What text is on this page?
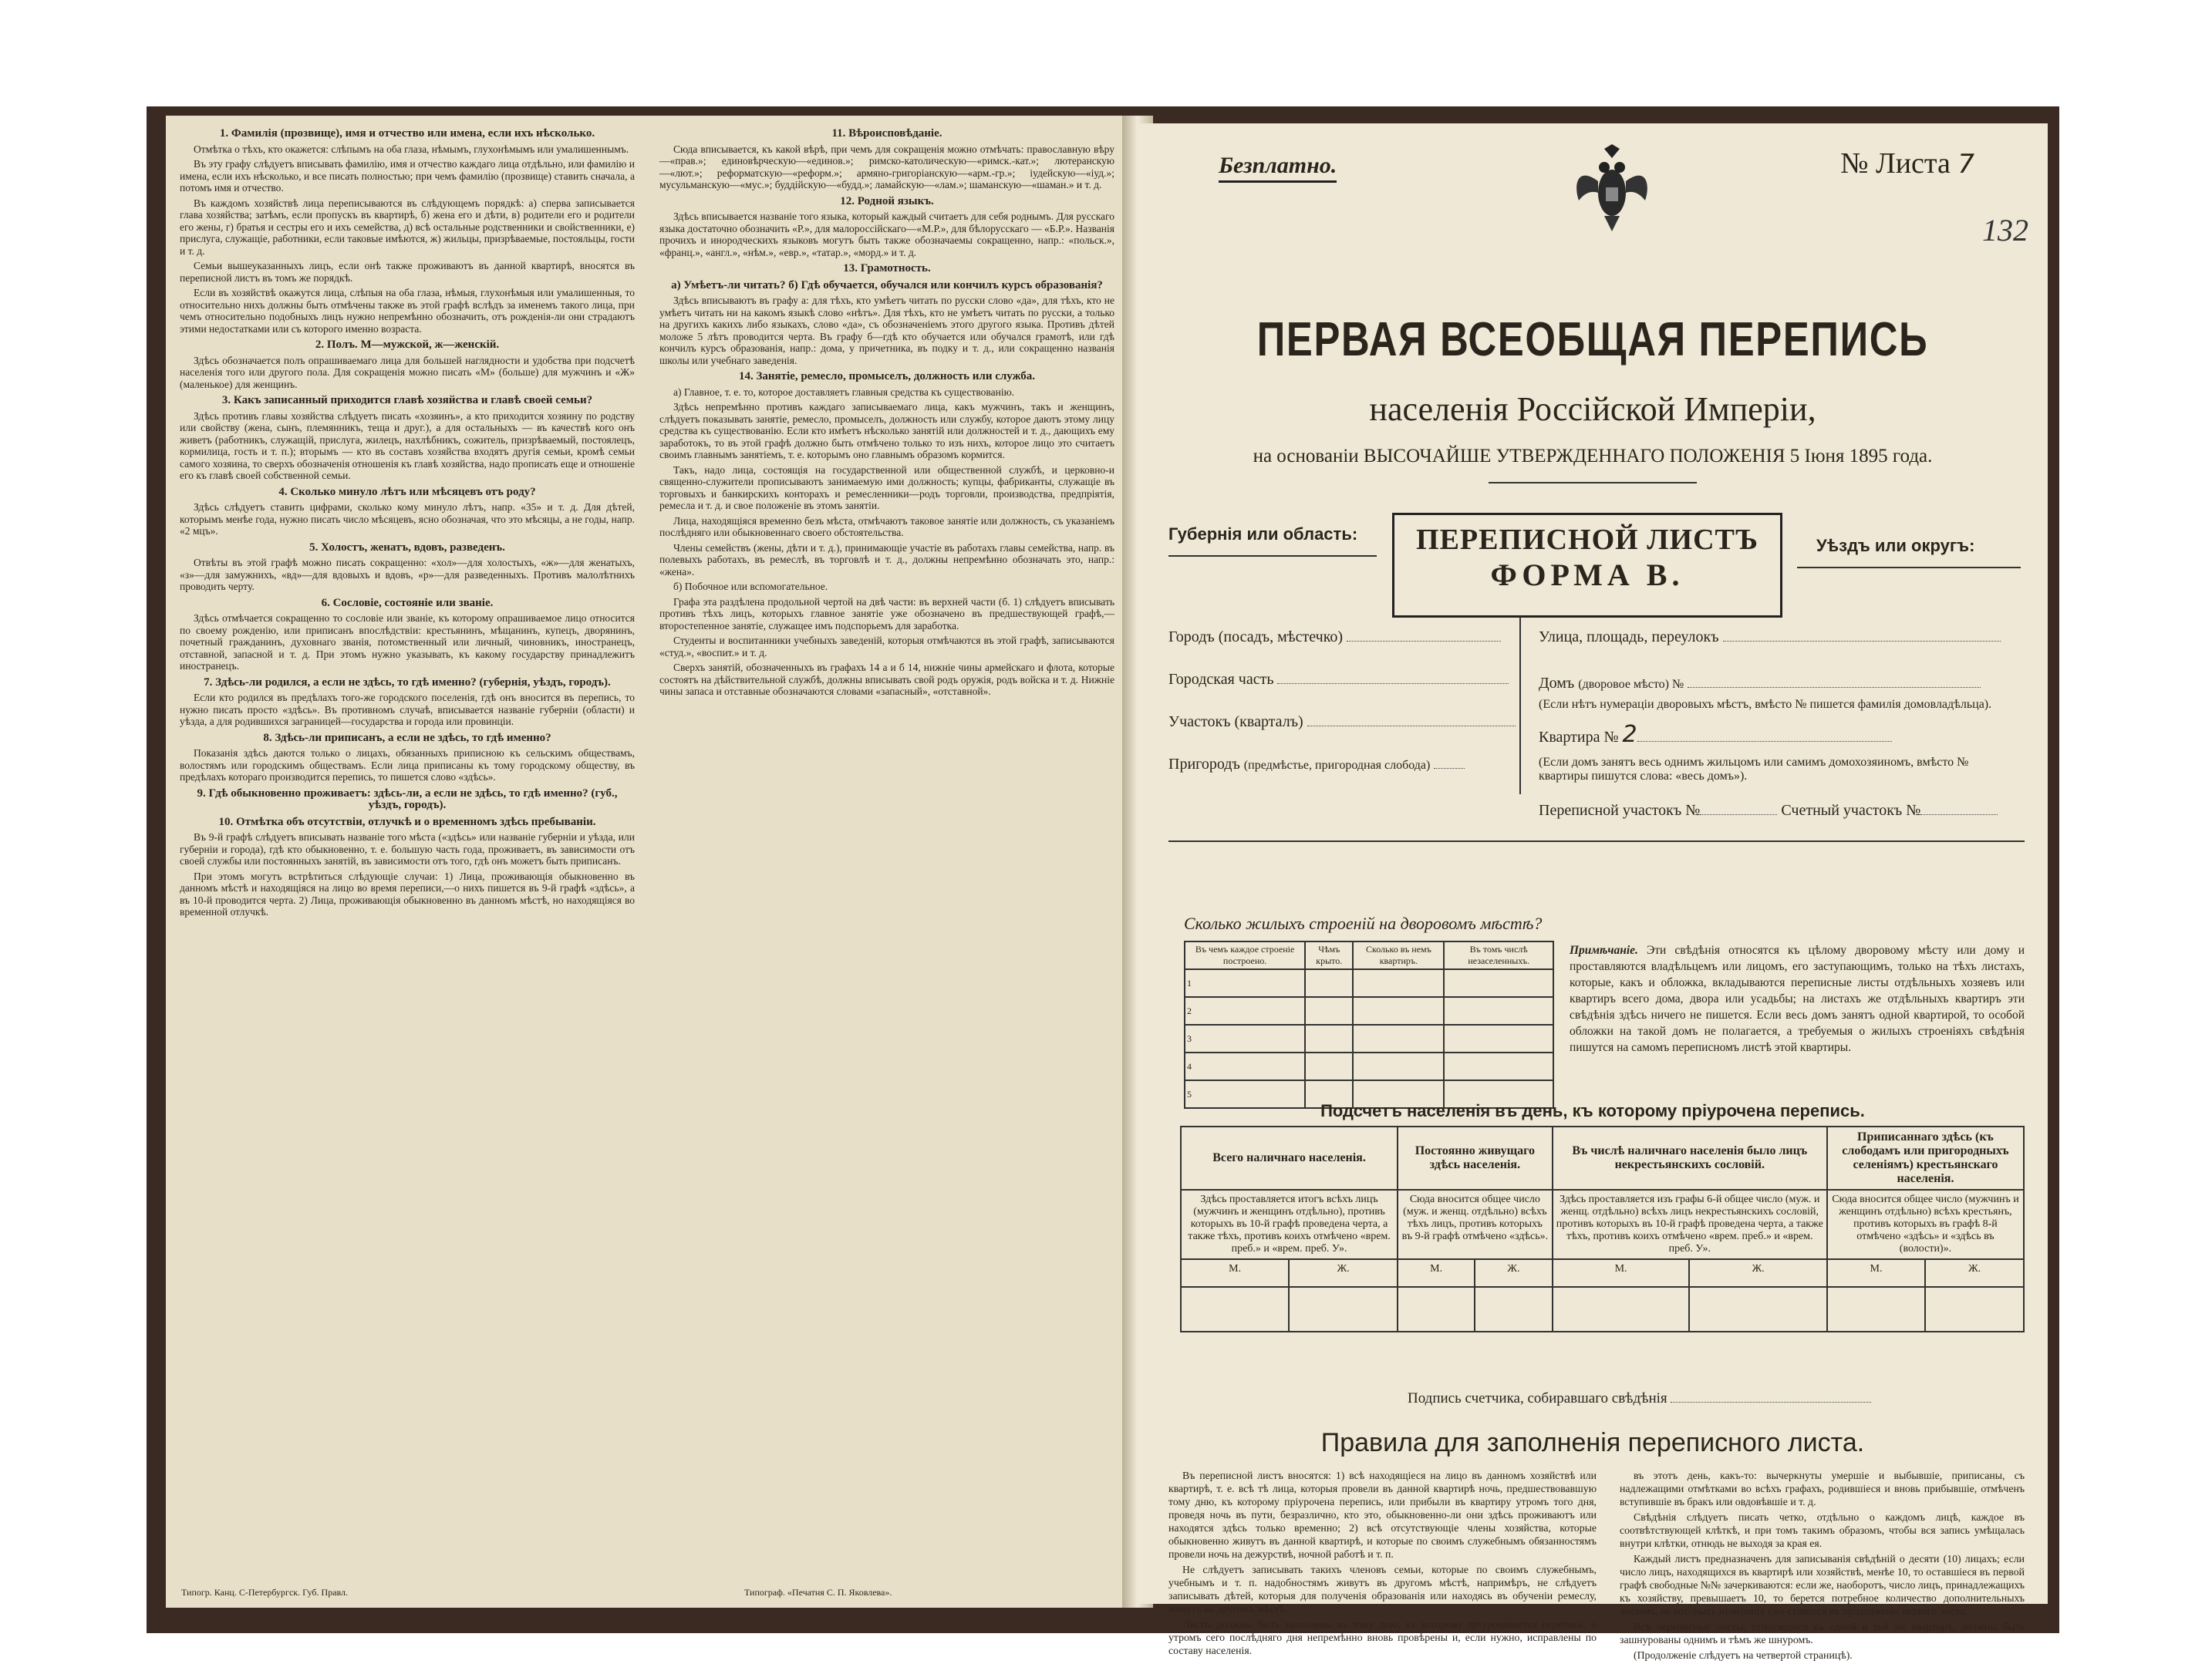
1. Фамилія (прозвище), имя и отчество или имена, если ихъ нѣсколько.

Отмѣтка о тѣхъ, кто окажется: слѣпымъ на оба глаза, нѣмымъ, глухонѣмымъ или умалишеннымъ.

Въ эту графу слѣдуетъ вписывать фамилію, имя и отчество каждаго лица отдѣльно, или фамилію и имена, если ихъ нѣсколько, и все писать полностью; при чемъ фамилію (прозвище) ставить сначала, а потомъ имя и отчество.

Въ каждомъ хозяйствѣ лица переписываются въ слѣдующемъ порядкѣ: а) сперва записывается глава хозяйства; затѣмъ, если пропускъ въ квартирѣ, б) жена его и дѣти, в) родители его и родители его жены, г) братья и сестры его и ихъ семейства, д) всѣ остальные родственники и свойственники, е) прислуга, служащіе, работники, если таковые имѣются, ж) жильцы, призрѣваемые, постояльцы, гости и т. д.

Семьи вышеуказанныхъ лицъ, если онѣ также проживаютъ въ данной квартирѣ, вносятся въ переписной листъ въ томъ же порядкѣ.

Если въ хозяйствѣ окажутся лица, слѣпыя на оба глаза, нѣмыя, глухонѣмыя или умалишенныя, то относительно нихъ должны быть отмѣчены также въ этой графѣ вслѣдъ за именемъ такого лица, при чемъ относительно подобныхъ лицъ нужно непремѣнно обозначить, отъ рожденія-ли они страдаютъ этими недостатками или съ которого именно возраста.

2. Полъ. М—мужской, ж—женскій.

Здѣсь обозначается полъ опрашиваемаго лица для большей наглядности и удобства при подсчетѣ населенія того или другого пола. Для сокращенія можно писать «М» (больше) для мужчинъ и «Ж» (маленькое) для женщинъ.

3. Какъ записанный приходится главѣ хозяйства и главѣ своей семьи?

Здѣсь противъ главы хозяйства слѣдуетъ писать «хозяинъ», а кто приходится хозяину по родству или свойству (жена, сынъ, племянникъ, теща и друг.), а для остальныхъ — въ качествѣ кого онъ живетъ (работникъ, служащій, прислуга, жилецъ, нахлѣбникъ, сожитель, призрѣваемый, постоялецъ, кормилица, гость и т. п.); вторымъ — кто въ составъ хозяйства входятъ другія семьи, кромѣ семьи самого хозяина, то сверхъ обозначенія отношенія къ главѣ хозяйства, надо прописать еще и отношеніе его къ главѣ своей собственной семьи.

4. Сколько минуло лѣтъ или мѣсяцевъ отъ роду?

Здѣсь слѣдуетъ ставить цифрами, сколько кому минуло лѣтъ, напр. «35» и т. д. Для дѣтей, которымъ менѣе года, нужно писать число мѣсяцевъ, ясно обозначая, что это мѣсяцы, а не годы, напр. «2 мцъ».

5. Холостъ, женатъ, вдовъ, разведенъ.

Отвѣты въ этой графѣ можно писать сокращенно: «хол»—для холостыхъ, «ж»—для женатыхъ, «з»—для замужнихъ, «вд»—для вдовыхъ и вдовъ, «р»—для разведенныхъ. Противъ малолѣтнихъ проводить черту.

6. Сословіе, состояніе или званіе.

Здѣсь отмѣчается сокращенно то сословіе или званіе, къ которому опрашиваемое лицо относится по своему рожденію, или приписанъ впослѣдствіи: крестьянинъ, мѣщанинъ, купецъ, дворянинъ, почетный гражданинъ, духовнаго званія, потомственный или личный, чиновникъ, иностранецъ, отставной, запасной и т. д. При этомъ нужно указывать, къ какому государству принадлежитъ иностранецъ.

7. Здѣсь-ли родился, а если не здѣсь, то гдѣ именно? (губернія, уѣздъ, городъ).

Если кто родился въ предѣлахъ того-же городского поселенія, гдѣ онъ вносится въ перепись, то нужно писать просто «здѣсь». Въ противномъ случаѣ, вписывается названіе губерніи (области) и уѣзда, а для родившихся заграницей—государства и города или провинціи.

8. Здѣсь-ли приписанъ, а если не здѣсь, то гдѣ именно?

Показанія здѣсь даются только о лицахъ, обязанныхъ приписною къ сельскимъ обществамъ, волостямъ или городскимъ обществамъ. Если лица приписаны къ тому городскому обществу, въ предѣлахъ котораго производится перепись, то пишется слово «здѣсь».

9. Гдѣ обыкновенно проживаетъ: здѣсь-ли, а если не здѣсь, то гдѣ именно? (губ., уѣздъ, городъ).
10. Отмѣтка объ отсутствіи, отлучкѣ и о временномъ здѣсь пребываніи.

Въ 9-й графѣ слѣдуетъ вписывать названіе того мѣста («здѣсь» или названіе губерніи и уѣзда, или губерніи и города), гдѣ кто обыкновенно, т. е. большую часть года, проживаетъ, въ зависимости отъ своей службы или постоянныхъ занятій, въ зависимости отъ того, гдѣ онъ можетъ быть приписанъ.

При этомъ могутъ встрѣтиться слѣдующіе случаи: 1) Лица, проживающія обыкновенно въ данномъ мѣстѣ и находящіяся на лицо во время переписи,—о нихъ пишется въ 9-й графѣ «здѣсь», а въ 10-й проводится черта. 2) Лица, проживающія обыкновенно въ данномъ мѣстѣ, но находящіяся во временной отлучкѣ.

11. Вѣроисповѣданіе.

Сюда вписывается, къ какой вѣрѣ, при чемъ для сокращенія можно отмѣчать: православную вѣру—«прав.»; единовѣрческую—«единов.»; римско-католическую—«римск.-кат.»; лютеранскую—«лют.»; реформатскую—«реформ.»; армяно-григоріанскую—«арм.-гр.»; іудейскую—«іуд.»; мусульманскую—«мус.»; буддійскую—«будд.»; ламайскую—«лам.»; шаманскую—«шаман.» и т. д.

12. Родной языкъ.

Здѣсь вписывается названіе того языка, который каждый считаетъ для себя роднымъ. Для русскаго языка достаточно обозначить «Р.», для малороссійскаго—«М.Р.», для бѣлорусскаго — «Б.Р.». Названія прочихъ и инородческихъ языковъ могутъ быть также обозначаемы сокращенно, напр.: «польск.», «франц.», «англ.», «нѣм.», «евр.», «татар.», «морд.» и т. д.

13. Грамотность.
а) Умѣетъ-ли читать? б) Гдѣ обучается, обучался или кончилъ курсъ образованія?

Здѣсь вписываютъ въ графу а: для тѣхъ, кто умѣетъ читать по русски слово «да», для тѣхъ, кто не умѣетъ читать ни на какомъ языкѣ слово «нѣтъ». Для тѣхъ, кто не умѣетъ читать по русски, а только на другихъ какихъ либо языкахъ, слово «да», съ обозначеніемъ этого другого языка. Противъ дѣтей моложе 5 лѣтъ проводится черта. Въ графу б—гдѣ кто обучается или обучался грамотѣ, или гдѣ кончилъ курсъ образованія, напр.: дома, у причетника, въ подку и т. д., или сокращенно названія школы или учебнаго заведенія.

14. Занятіе, ремесло, промыселъ, должность или служба.

а) Главное, т. е. то, которое доставляетъ главныя средства къ существованію.

Здѣсь непремѣнно противъ каждаго записываемаго лица, какъ мужчинъ, такъ и женщинъ, слѣдуетъ показывать занятіе, ремесло, промыселъ, должность или службу, которое даютъ этому лицу средства къ существованію. Если кто имѣетъ нѣсколько занятій или должностей и т. д., дающихъ ему заработокъ, то въ этой графѣ должно быть отмѣчено только то изъ нихъ, которое лицо это считаетъ своимъ главнымъ занятіемъ, т. е. которымъ оно главнымъ образомъ кормится.

Такъ, надо лица, состоящія на государственной или общественной службѣ, и церковно-и священно-служители прописываютъ занимаемую ими должность; купцы, фабриканты, служащіе въ торговыхъ и банкирскихъ конторахъ и ремесленники—родъ торговли, производства, предпріятія, ремесла и т. д. и свое положеніе въ этомъ занятіи.

Лица, находящіяся временно безъ мѣста, отмѣчаютъ таковое занятіе или должность, съ указаніемъ послѣдняго или обыкновеннаго своего обстоятельства.

Члены семействъ (жены, дѣти и т. д.), принимающіе участіе въ работахъ главы семейства, напр. въ полевыхъ работахъ, въ ремеслѣ, въ торговлѣ и т. д., должны непремѣнно обозначать это, напр.: «жена».

б) Побочное или вспомогательное.

Графа эта раздѣлена продольной чертой на двѣ части: въ верхней части (б. 1) слѣдуетъ вписывать противъ тѣхъ лицъ, которыхъ главное занятіе уже обозначено въ предшествующей графѣ,—второстепенное занятіе, служащее имъ подспорьемъ для заработка.

Студенты и воспитанники учебныхъ заведеній, которыя отмѣчаются въ этой графѣ, записываются «студ.», «воспит.» и т. д.

Сверхъ занятій, обозначенныхъ въ графахъ 14 а и б 14, нижніе чины армейскаго и флота, которые состоятъ на дѣйствительной службѣ, должны вписывать свой родъ оружія, родъ войска и т. д. Нижніе чины запаса и отставные обозначаются словами «запасный», «отставной».

Типогр. Канц. С-Петербургск. Губ. Правл.	Типограф. «Печатня С. П. Яковлева».
Безплатно.	№ Листа 7
132
ПЕРВАЯ ВСЕОБЩАЯ ПЕРЕПИСЬ
населенія Россійской Имперіи,
на основаніи ВЫСОЧАЙШЕ УТВЕРЖДЕННАГО ПОЛОЖЕНІЯ 5 Іюня 1895 года.
Губернія или область:	ПЕРЕПИСНОЙ ЛИСТЪ
ФОРМА В.
Уѣздъ или округъ:
Городъ (посадъ, мѣстечко)
Городская часть
Участокъ (кварталъ)
Пригородъ (предмѣстье, пригородная слобода)
Улица, площадь, переулокъ
Домъ (дворовое мѣсто) №
(Если нѣтъ нумераціи дворовыхъ мѣстъ, вмѣсто № пишется фамилія домовладѣльца).
Квартира № 2
(Если домъ занятъ весь однимъ жильцомъ или самимъ домохозяиномъ, вмѣсто № квартиры пишутся слова: «весь домъ»).
Переписной участокъ №	Счетный участокъ №
Сколько жилыхъ строеній на дворовомъ мѣстѣ?
Въ чемъ каждое строеніе построено.	Чѣмъ крыто.	Сколько въ немъ квартиръ.	Въ томъ числѣ незаселенныхъ.
1			
2			
3			
4			
5			
Примѣчаніе. Эти свѣдѣнія относятся къ цѣлому дворовому мѣсту или дому и проставляются владѣльцемъ или лицомъ, его заступающимъ, только на тѣхъ листахъ, которые, какъ и обложка, вкладываются переписные листы отдѣльныхъ хозяевъ или квартиръ всего дома, двора или усадьбы; на листахъ же отдѣльныхъ квартиръ эти свѣдѣнія здѣсь ничего не пишется. Если весь домъ занятъ одной квартирой, то особой обложки на такой домъ не полагается, а требуемыя о жилыхъ строеніяхъ свѣдѣнія пишутся на самомъ переписномъ листѣ этой квартиры.
Подсчетъ населенія въ день, къ которому пріурочена перепись.
Всего наличнаго населенія.		Постоянно живущаго здѣсь населенія.		Въ числѣ наличнаго населенія было лицъ некрестьянскихъ сословій.		Приписаннаго здѣсь (къ слободамъ или пригородныхъ селеніямъ) крестьянскаго населенія.	
Здѣсь проставляется итогъ всѣхъ лицъ (мужчинъ и женщинъ отдѣльно), противъ которыхъ въ 10-й графѣ проведена черта, а также тѣхъ, противъ коихъ отмѣчено «врем. преб.» и «врем. преб. У».		Сюда вносится общее число (муж. и женщ. отдѣльно) всѣхъ тѣхъ лицъ, противъ которыхъ въ 9-й графѣ отмѣчено «здѣсь».		Здѣсь проставляется изъ графы 6-й общее число (муж. и женщ. отдѣльно) всѣхъ лицъ некрестьянскихъ сословій, противъ которыхъ въ 10-й графѣ проведена черта, а также тѣхъ, противъ коихъ отмѣчено «врем. преб.» и «врем. преб. У».		Сюда вносится общее число (мужчинъ и женщинъ отдѣльно) всѣхъ крестьянъ, противъ которыхъ въ графѣ 8-й отмѣчено «здѣсь» и «здѣсь въ (волости)».	
М.	Ж.	М.	Ж.	М.	Ж.	М.	Ж.

Подпись счетчика, собиравшаго свѣдѣнія
Правила для заполненія переписного листа.

Въ переписной листъ вносятся: 1) всѣ находящіеся на лицо въ данномъ хозяйствѣ или квартирѣ, т. е. всѣ тѣ лица, которыя провели въ данной квартирѣ ночь, предшествовавшую тому дню, къ которому пріурочена перепись, или прибыли въ квартиру утромъ того дня, проведя ночь въ пути, безразлично, кто это, обыкновенно-ли они здѣсь проживаютъ или находятся здѣсь только временно; 2) всѣ отсутствующіе члены хозяйства, которые обыкновенно живутъ въ данной квартирѣ, и которые по своимъ служебнымъ обязанностямъ провели ночь на дежурствѣ, ночной работѣ и т. п.

Не слѣдуетъ записывать такихъ членовъ семьи, которые по своимъ служебнымъ, учебнымъ и т. п. надобностямъ живутъ въ другомъ мѣстѣ, напримѣръ, не слѣдуетъ записывать дѣтей, которыя для полученія образованія или находясь въ обученіи ремеслу, живутъ въ другомъ мѣстѣ.

Листы должны быть заполнены въ тому дню, къ которому пріурочивается перепись, и утромъ сего послѣдняго дня непремѣнно вновь провѣрены и, если нужно, исправлены по составу населенія.

въ этотъ день, какъ-то: вычеркнуты умершіе и выбывшіе, приписаны, съ надлежащими отмѣтками во всѣхъ графахъ, родившіеся и вновь прибывшіе, отмѣченъ вступившіе въ бракъ или овдовѣвшіе и т. д.

Свѣдѣнія слѣдуетъ писать четко, отдѣльно о каждомъ лицѣ, каждое въ соотвѣтствующей клѣткѣ, и при томъ такимъ образомъ, чтобы вся запись умѣщалась внутри клѣтки, отнюдь не выходя за края ея.

Каждый листъ предназначенъ для записыванія свѣдѣній о десяти (10) лицахъ; если число лицъ, находящихся въ квартирѣ или хозяйствѣ, менѣе 10, то оставшіеся въ первой графѣ свободные №№ зачеркиваются: если же, наоборотъ, число лицъ, принадлежащихъ къ хозяйству, превышаетъ 10, то берется потребное количество дополнительныхъ листовъ, въ которыхъ нумерація уже ставится въ продолженіе перваго листа.

Всѣ переписные листы, относящіеся къ одной и той же квартирѣ, должны быть зашнурованы однимъ и тѣмъ же шнуромъ.

(Продолженіе слѣдуетъ на четвертой страницѣ).
